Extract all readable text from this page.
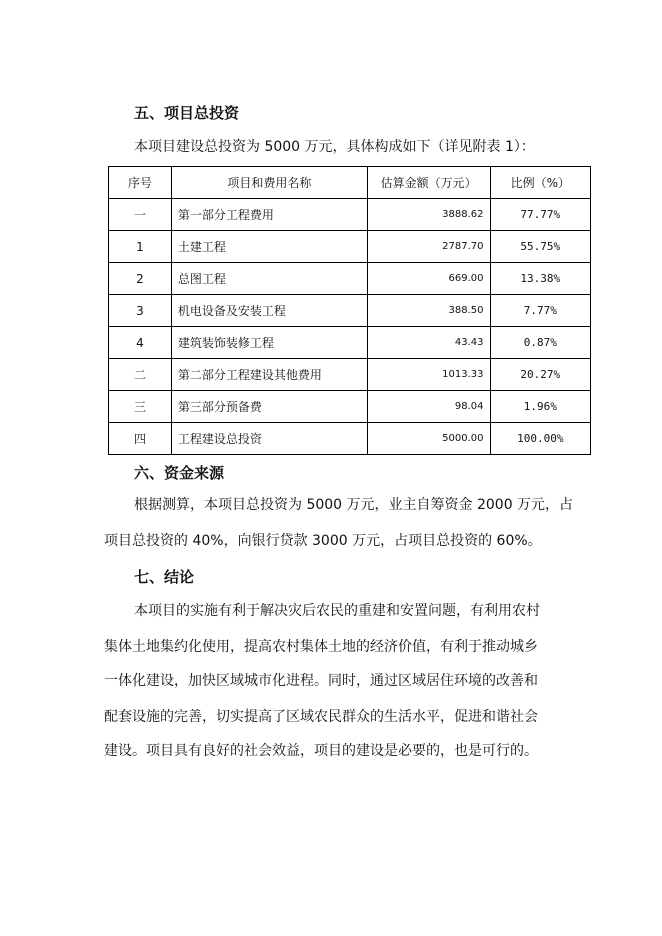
五、项目总投资

本项目建设总投资为 5000 万元，具体构成如下（详见附表 1）：

序号	项目和费用名称	估算金额（万元）	比例（%）
一	第一部分工程费用	3888.62	77.77%
1	土建工程	2787.70	55.75%
2	总图工程	669.00	13.38%
3	机电设备及安装工程	388.50	7.77%
4	建筑装饰装修工程	43.43	0.87%
二	第二部分工程建设其他费用	1013.33	20.27%
三	第三部分预备费	98.04	1.96%
四	工程建设总投资	5000.00	100.00%
六、资金来源

根据测算，本项目总投资为 5000 万元，业主自筹资金 2000 万元，占

项目总投资的 40%，向银行贷款 3000 万元，占项目总投资的 60%。

七、结论

本项目的实施有利于解决灾后农民的重建和安置问题，有利用农村

集体土地集约化使用，提高农村集体土地的经济价值，有利于推动城乡

一体化建设，加快区域城市化进程。同时，通过区域居住环境的改善和

配套设施的完善，切实提高了区域农民群众的生活水平，促进和谐社会

建设。项目具有良好的社会效益，项目的建设是必要的，也是可行的。
